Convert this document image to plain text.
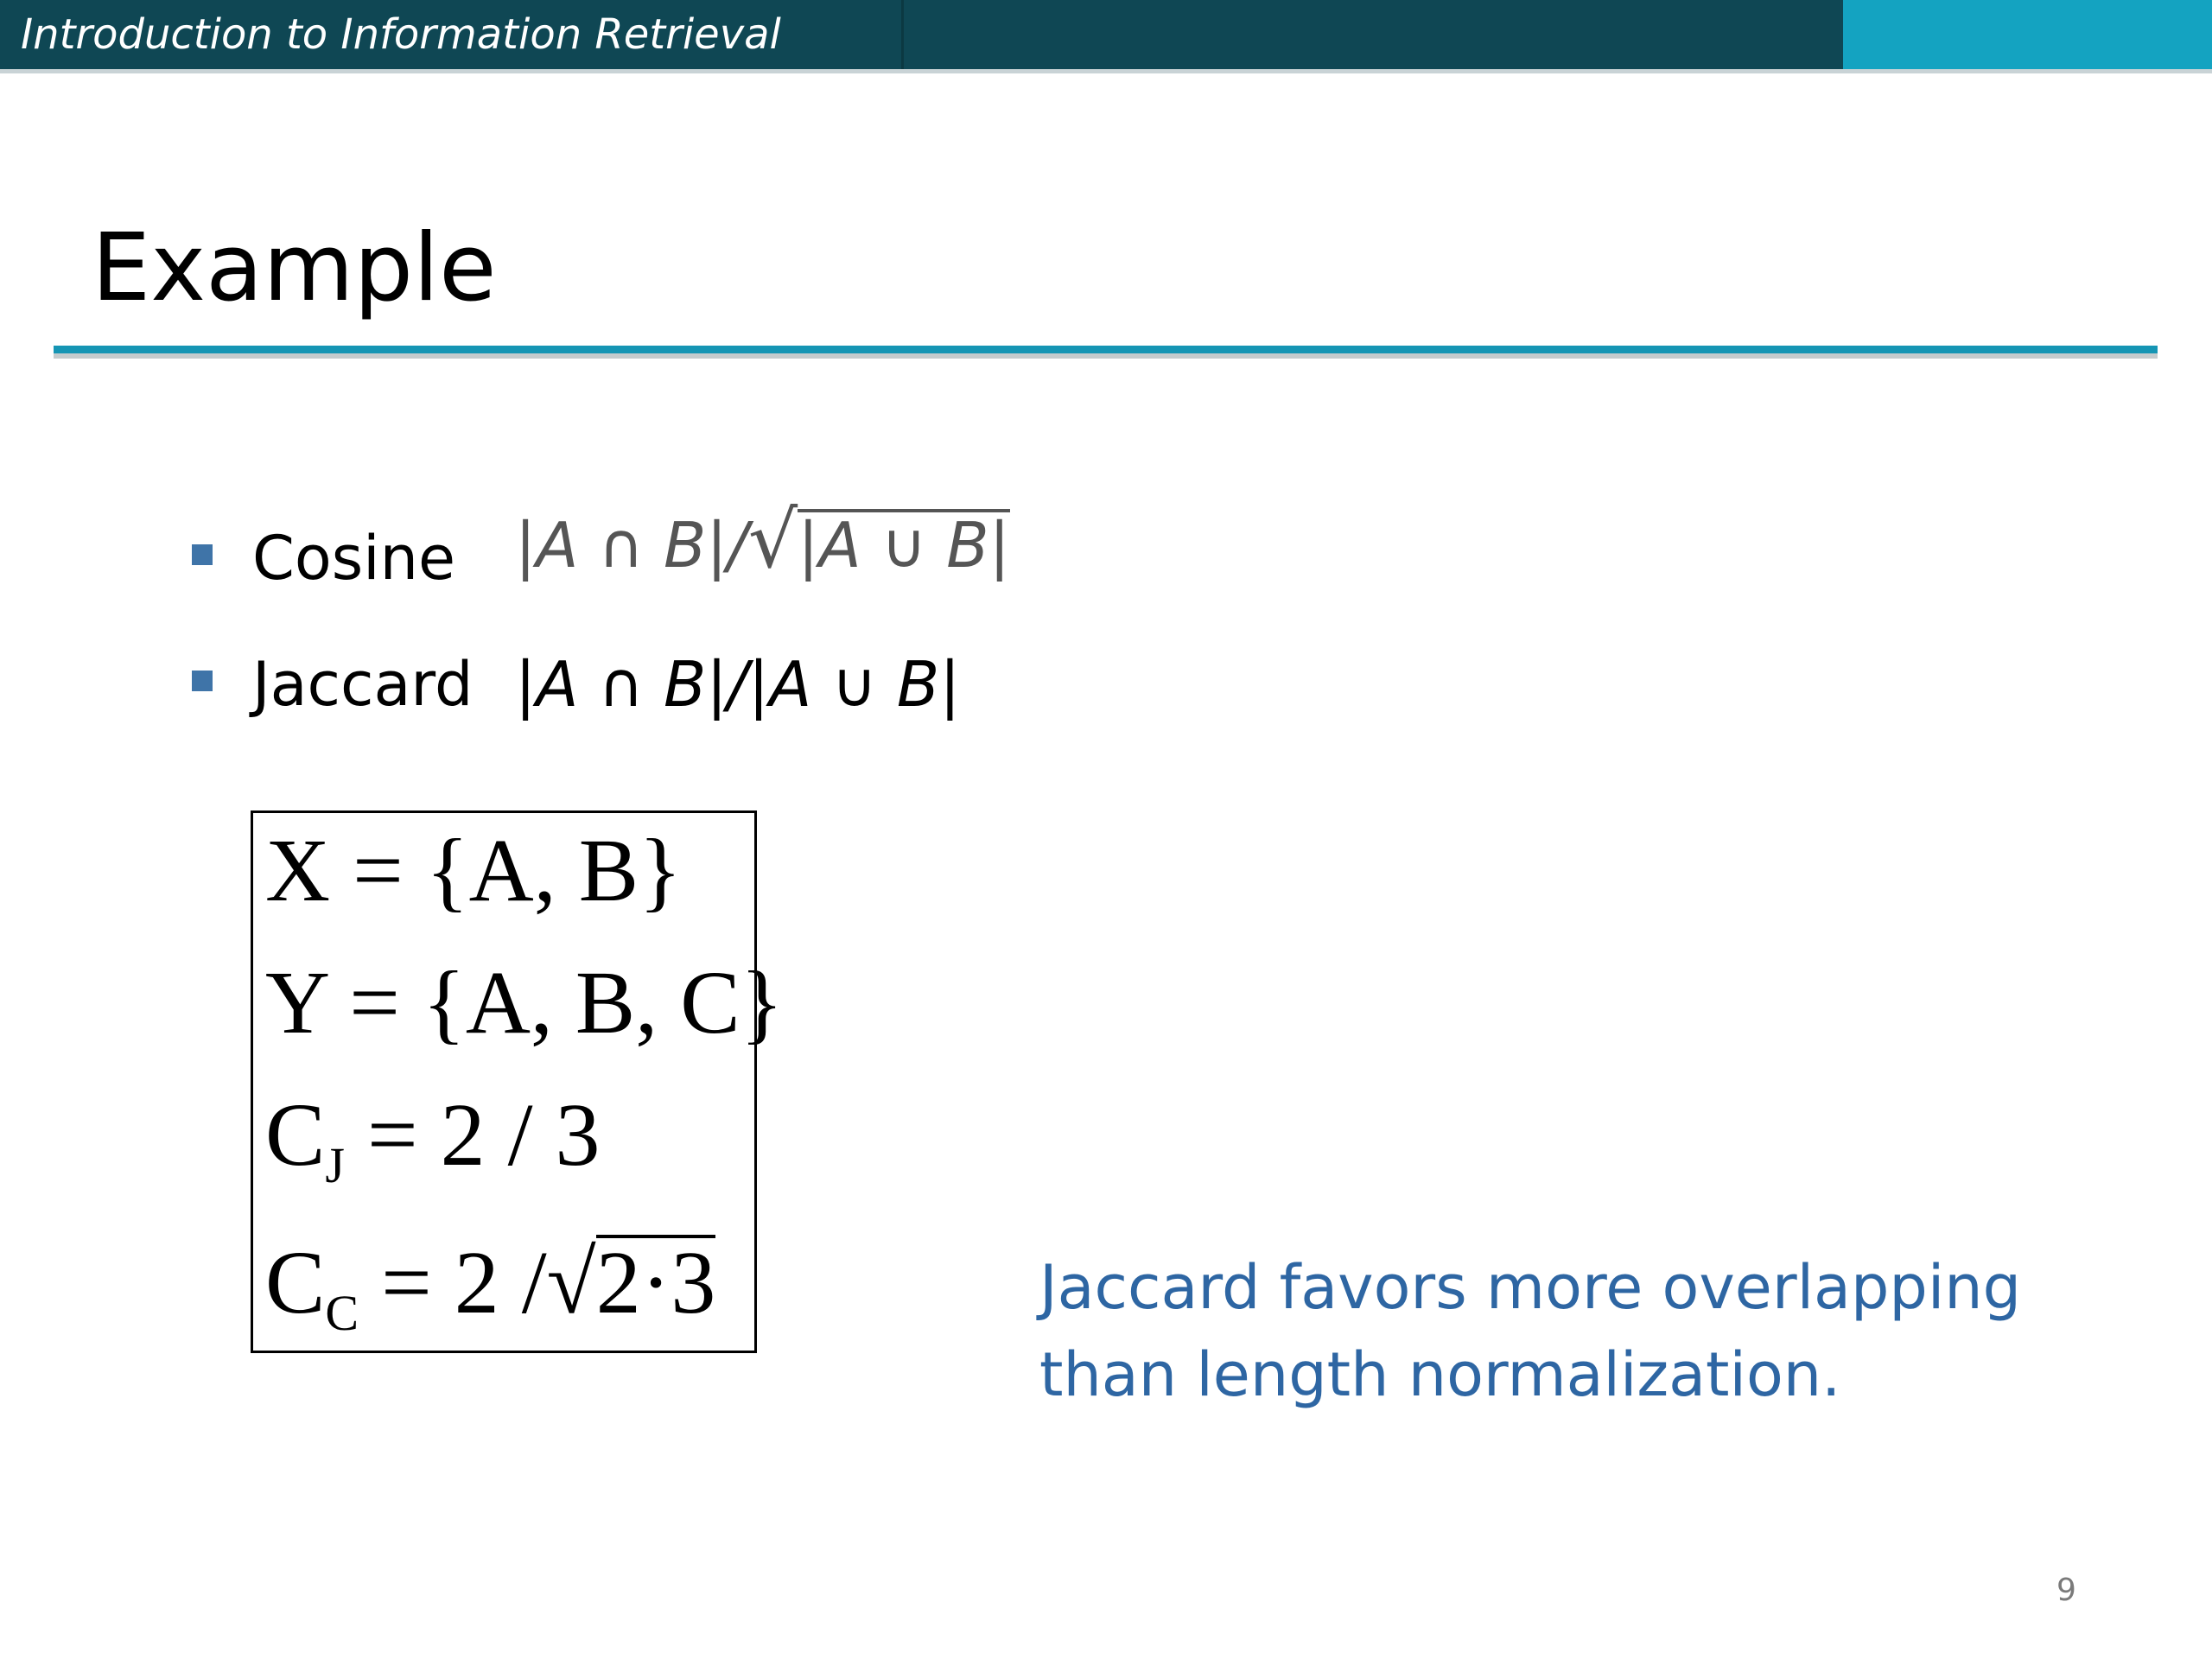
Introduction to Information Retrieval
Example
Cosine |A ∩ B|/√|A ∪ B|
Jaccard |A ∩ B|/|A ∪ B|
X = {A, B}
Y = {A, B, C}
$C_J = 2 / 3$
$C_C = 2$ /√2·3	Jaccard favors more overlapping than length normalization.
9
